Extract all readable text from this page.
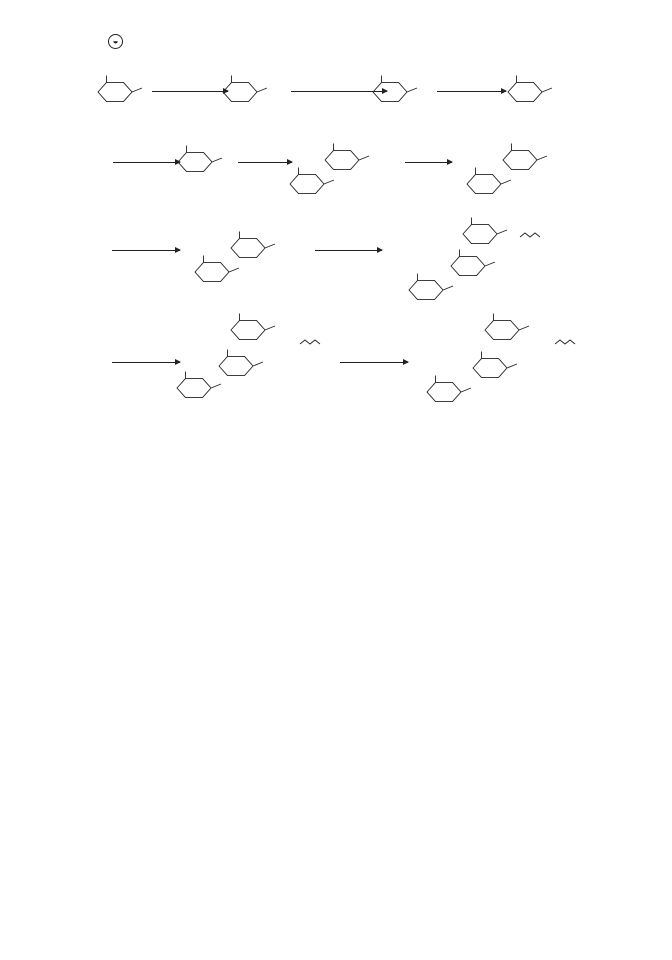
◒
